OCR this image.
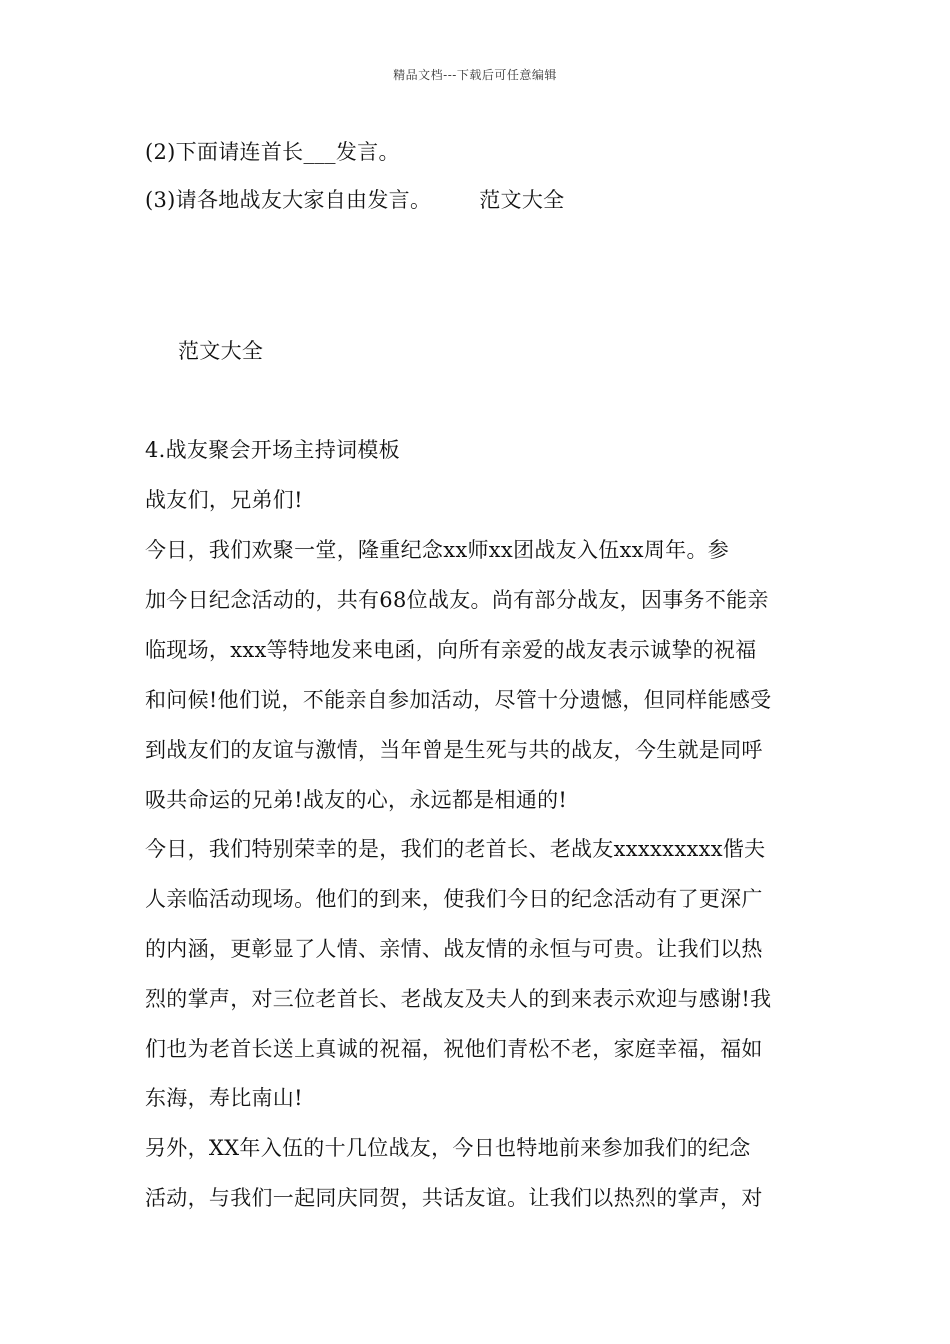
精品文档---下载后可任意编辑
(2)下面请连首长___发言。
(3)请各地战友大家自由发言。 范文大全
范文大全
4.战友聚会开场主持词模板
战友们，兄弟们!
今日，我们欢聚一堂，隆重纪念xx师xx团战友入伍xx周年。参
加今日纪念活动的，共有68位战友。尚有部分战友，因事务不能亲
临现场，xxx等特地发来电函，向所有亲爱的战友表示诚挚的祝福
和问候!他们说，不能亲自参加活动，尽管十分遗憾，但同样能感受
到战友们的友谊与激情，当年曾是生死与共的战友，今生就是同呼
吸共命运的兄弟!战友的心，永远都是相通的!
今日，我们特别荣幸的是，我们的老首长、老战友xxxxxxxxx偕夫
人亲临活动现场。他们的到来，使我们今日的纪念活动有了更深广
的内涵，更彰显了人情、亲情、战友情的永恒与可贵。让我们以热
烈的掌声，对三位老首长、老战友及夫人的到来表示欢迎与感谢!我
们也为老首长送上真诚的祝福，祝他们青松不老，家庭幸福，福如
东海，寿比南山!
另外，XX年入伍的十几位战友，今日也特地前来参加我们的纪念
活动，与我们一起同庆同贺，共话友谊。让我们以热烈的掌声，对
